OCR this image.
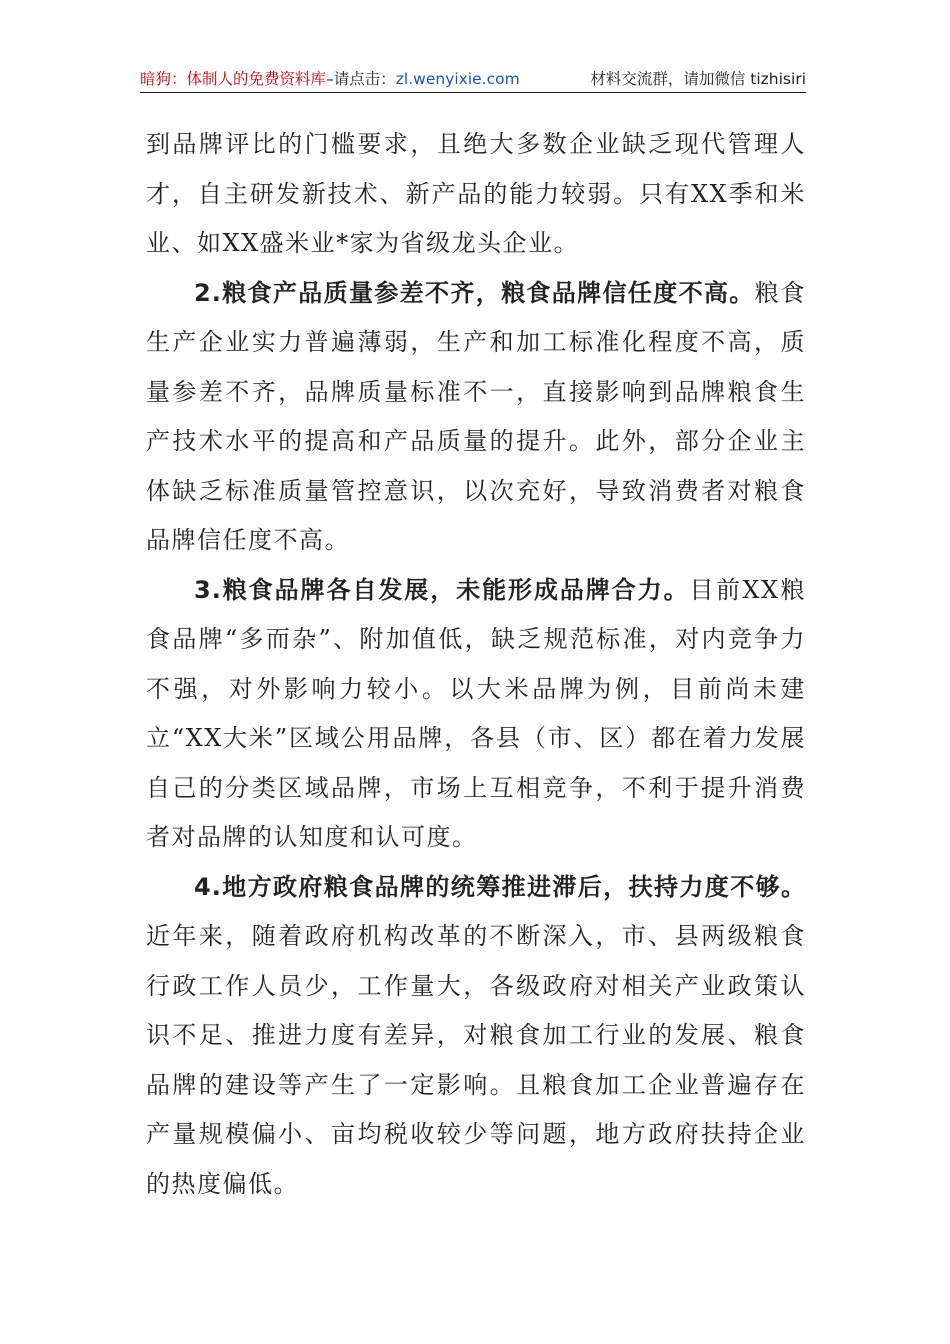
暗狗：体制人的免费资料库–请点击：zl.wenyixie.com	材料交流群，请加微信 tizhisiri

到品牌评比的门槛要求，且绝大多数企业缺乏现代管理人才，自主研发新技术、新产品的能力较弱。只有XX季和米业、如XX盛米业*家为省级龙头企业。

2.粮食产品质量参差不齐，粮食品牌信任度不高。粮食生产企业实力普遍薄弱，生产和加工标准化程度不高，质量参差不齐，品牌质量标准不一，直接影响到品牌粮食生产技术水平的提高和产品质量的提升。此外，部分企业主体缺乏标准质量管控意识，以次充好，导致消费者对粮食品牌信任度不高。

3.粮食品牌各自发展，未能形成品牌合力。目前XX粮食品牌“多而杂”、附加值低，缺乏规范标准，对内竞争力不强，对外影响力较小。以大米品牌为例，目前尚未建立“XX大米”区域公用品牌，各县（市、区）都在着力发展自己的分类区域品牌，市场上互相竞争，不利于提升消费者对品牌的认知度和认可度。

4.地方政府粮食品牌的统筹推进滞后，扶持力度不够。近年来，随着政府机构改革的不断深入，市、县两级粮食行政工作人员少，工作量大，各级政府对相关产业政策认识不足、推进力度有差异，对粮食加工行业的发展、粮食品牌的建设等产生了一定影响。且粮食加工企业普遍存在产量规模偏小、亩均税收较少等问题，地方政府扶持企业的热度偏低。
